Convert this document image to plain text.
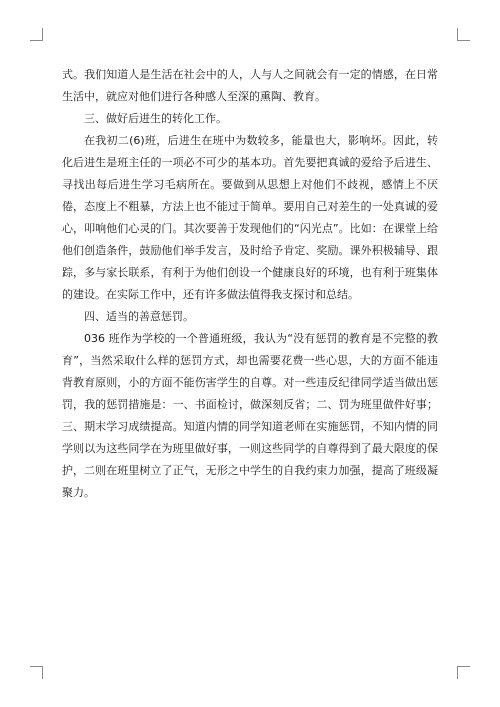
式。我们知道人是生活在社会中的人，人与人之间就会有一定的情感，在日常生活中，就应对他们进行各种感人至深的熏陶、教育。

三、做好后进生的转化工作。

在我初二(6)班，后进生在班中为数较多，能量也大，影响坏。因此，转化后进生是班主任的一项必不可少的基本功。首先要把真诚的爱给予后进生、寻找出每后进生学习毛病所在。要做到从思想上对他们不歧视，感情上不厌倦，态度上不粗暴，方法上也不能过于简单。要用自己对差生的一处真诚的爱心，叩响他们心灵的门。其次要善于发现他们的“闪光点”。比如：在课堂上给他们创造条件，鼓励他们举手发言，及时给予肯定、奖励。课外积极辅导、跟踪，多与家长联系，有利于为他们创设一个健康良好的环境，也有利于班集体的建设。在实际工作中，还有许多做法值得我支探讨和总结。

四、适当的善意惩罚。

036 班作为学校的一个普通班级，我认为“没有惩罚的教育是不完整的教育”，当然采取什么样的惩罚方式，却也需要花费一些心思，大的方面不能违背教育原则，小的方面不能伤害学生的自尊。对一些违反纪律同学适当做出惩罚，我的惩罚措施是：一、书面检讨，做深刻反省；二、罚为班里做件好事；三、期末学习成绩提高。知道内情的同学知道老师在实施惩罚，不知内情的同学则以为这些同学在为班里做好事，一则这些同学的自尊得到了最大限度的保护，二则在班里树立了正气，无形之中学生的自我约束力加强，提高了班级凝聚力。
